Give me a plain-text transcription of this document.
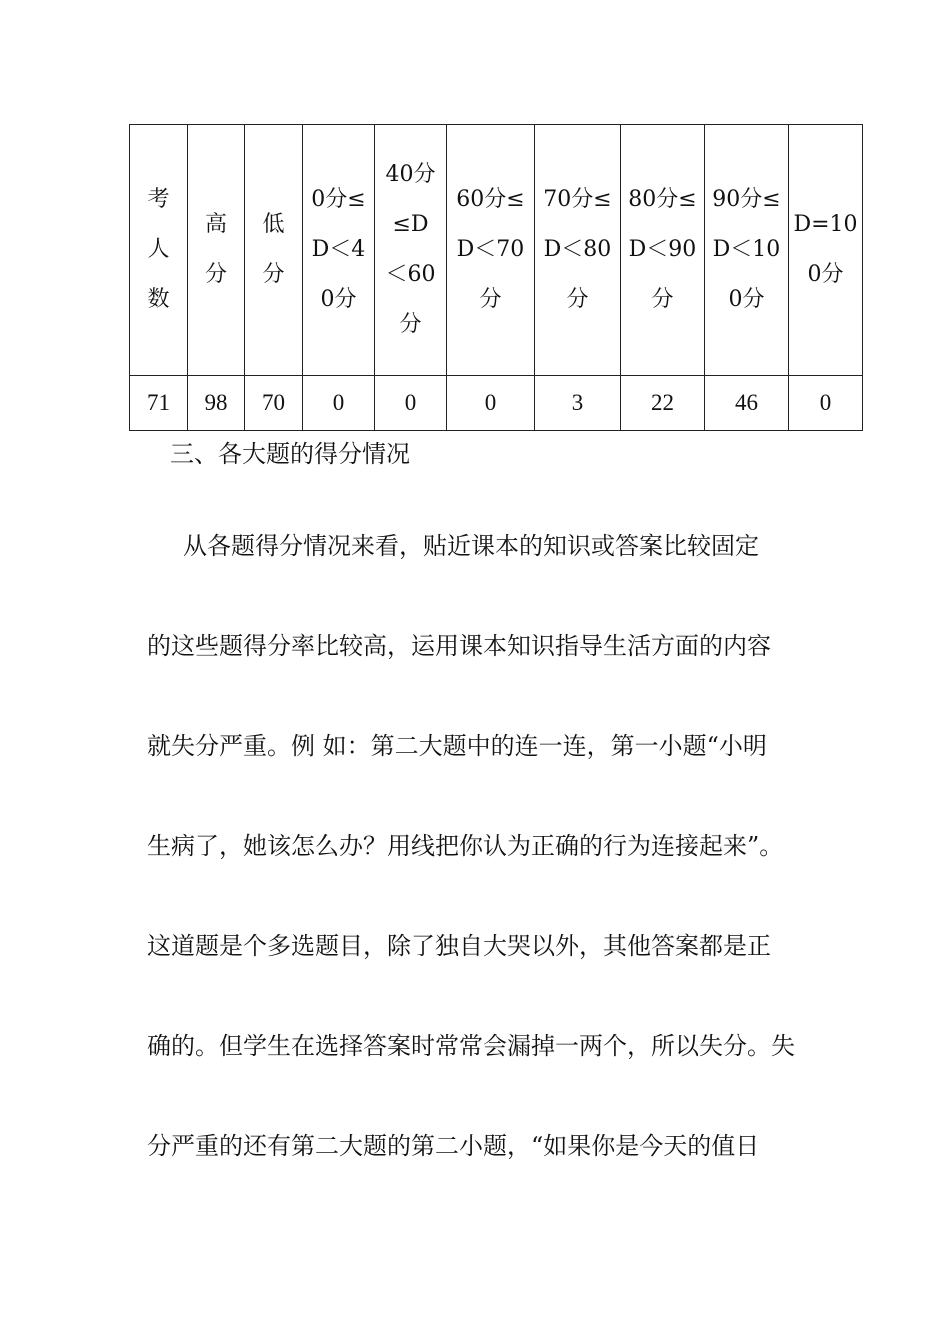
考人数	高分	低分	0分≤D＜40分	40分≤D＜60分	60分≤D＜70分	70分≤D＜80分	80分≤D＜90分	90分≤D＜100分	D=100分

71	98	70	0	0	0	3	22	46	0
三、各大题的得分情况

从各题得分情况来看，贴近课本的知识或答案比较固定
的这些题得分率比较高，运用课本知识指导生活方面的内容
就失分严重。例 如：第二大题中的连一连，第一小题“小明
生病了，她该怎么办？用线把你认为正确的行为连接起来”。
这道题是个多选题目，除了独自大哭以外，其他答案都是正
确的。但学生在选择答案时常常会漏掉一两个，所以失分。失
分严重的还有第二大题的第二小题，“如果你是今天的值日
